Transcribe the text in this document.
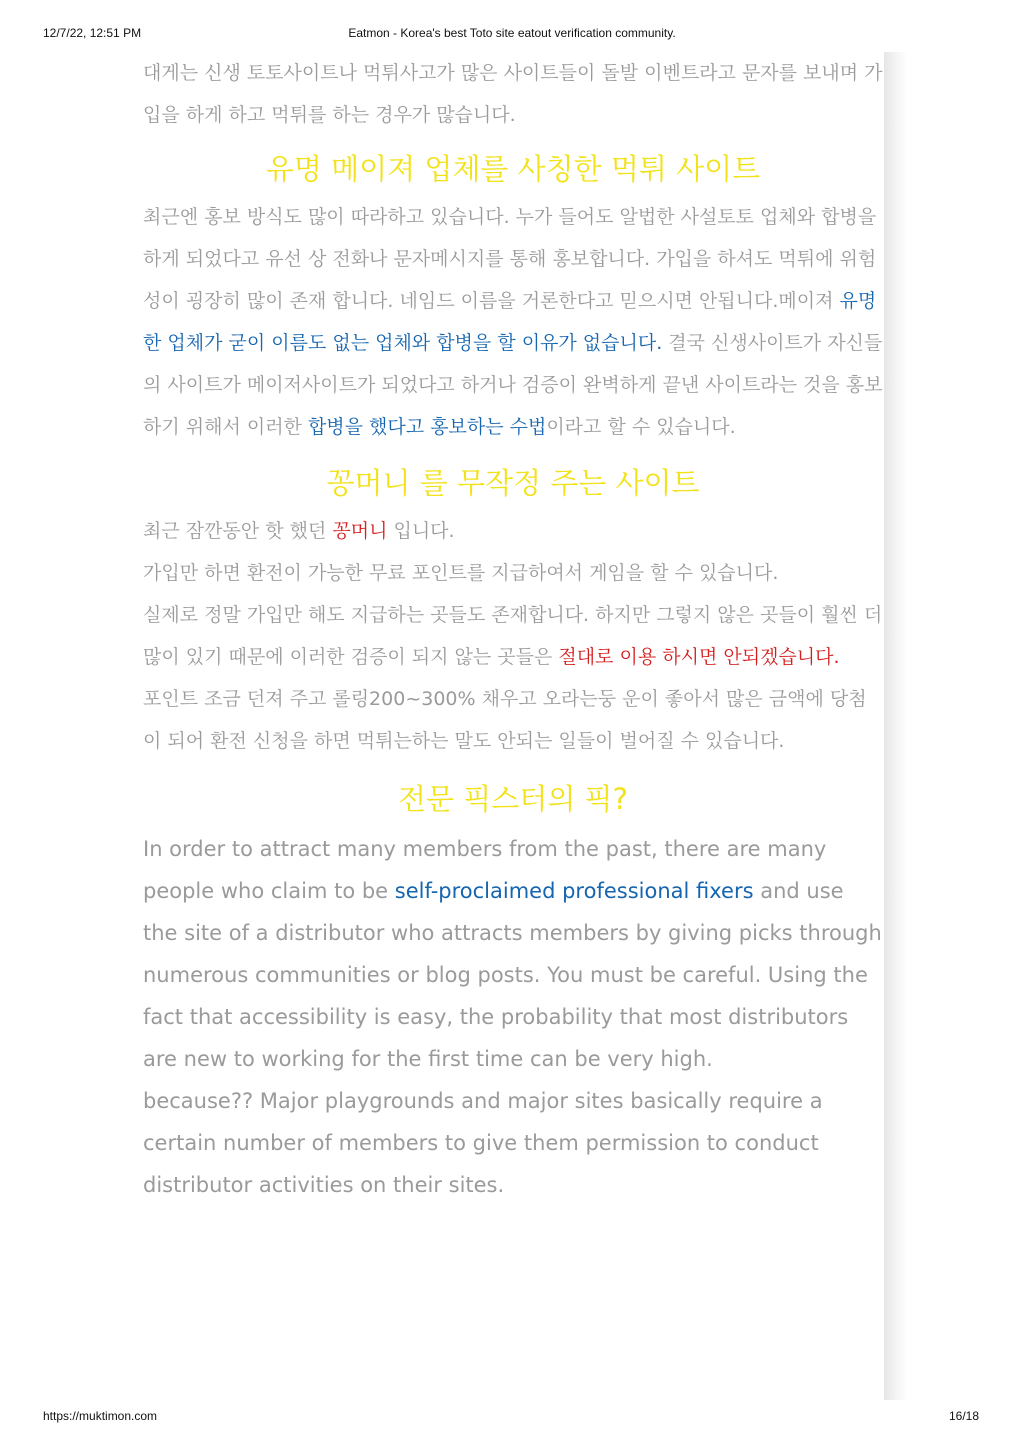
12/7/22, 12:51 PM	Eatmon - Korea's best Toto site eatout verification community.

대게는 신생 토토사이트나 먹튀사고가 많은 사이트들이 돌발 이벤트라고 문자를 보내며 가입을 하게 하고 먹튀를 하는 경우가 많습니다.

유명 메이져 업체를 사칭한 먹튀 사이트

최근엔 홍보 방식도 많이 따라하고 있습니다. 누가 들어도 알법한 사설토토 업체와 합병을 하게 되었다고 유선 상 전화나 문자메시지를 통해 홍보합니다. 가입을 하셔도 먹튀에 위험성이 굉장히 많이 존재 합니다. 네임드 이름을 거론한다고 믿으시면 안됩니다.메이져 유명한 업체가 굳이 이름도 없는 업체와 합병을 할 이유가 없습니다. 결국 신생사이트가 자신들의 사이트가 메이저사이트가 되었다고 하거나 검증이 완벽하게 끝낸 사이트라는 것을 홍보하기 위해서 이러한 합병을 했다고 홍보하는 수법이라고 할 수 있습니다.

꽁머니 를 무작정 주는 사이트

최근 잠깐동안 핫 했던 꽁머니 입니다.

가입만 하면 환전이 가능한 무료 포인트를 지급하여서 게임을 할 수 있습니다.

실제로 정말 가입만 해도 지급하는 곳들도 존재합니다. 하지만 그렇지 않은 곳들이 훨씬 더 많이 있기 때문에 이러한 검증이 되지 않는 곳들은 절대로 이용 하시면 안되겠습니다.

포인트 조금 던져 주고 롤링200~300% 채우고 오라는둥 운이 좋아서 많은 금액에 당첨이 되어 환전 신청을 하면 먹튀는하는 말도 안되는 일들이 벌어질 수 있습니다.

전문 픽스터의 픽?

In order to attract many members from the past, there are many people who claim to be self-proclaimed professional fixers and use the site of a distributor who attracts members by giving picks through numerous communities or blog posts. You must be careful. Using the fact that accessibility is easy, the probability that most distributors are new to working for the first time can be very high.

because?? Major playgrounds and major sites basically require a certain number of members to give them permission to conduct distributor activities on their sites.

https://muktimon.com	16/18
